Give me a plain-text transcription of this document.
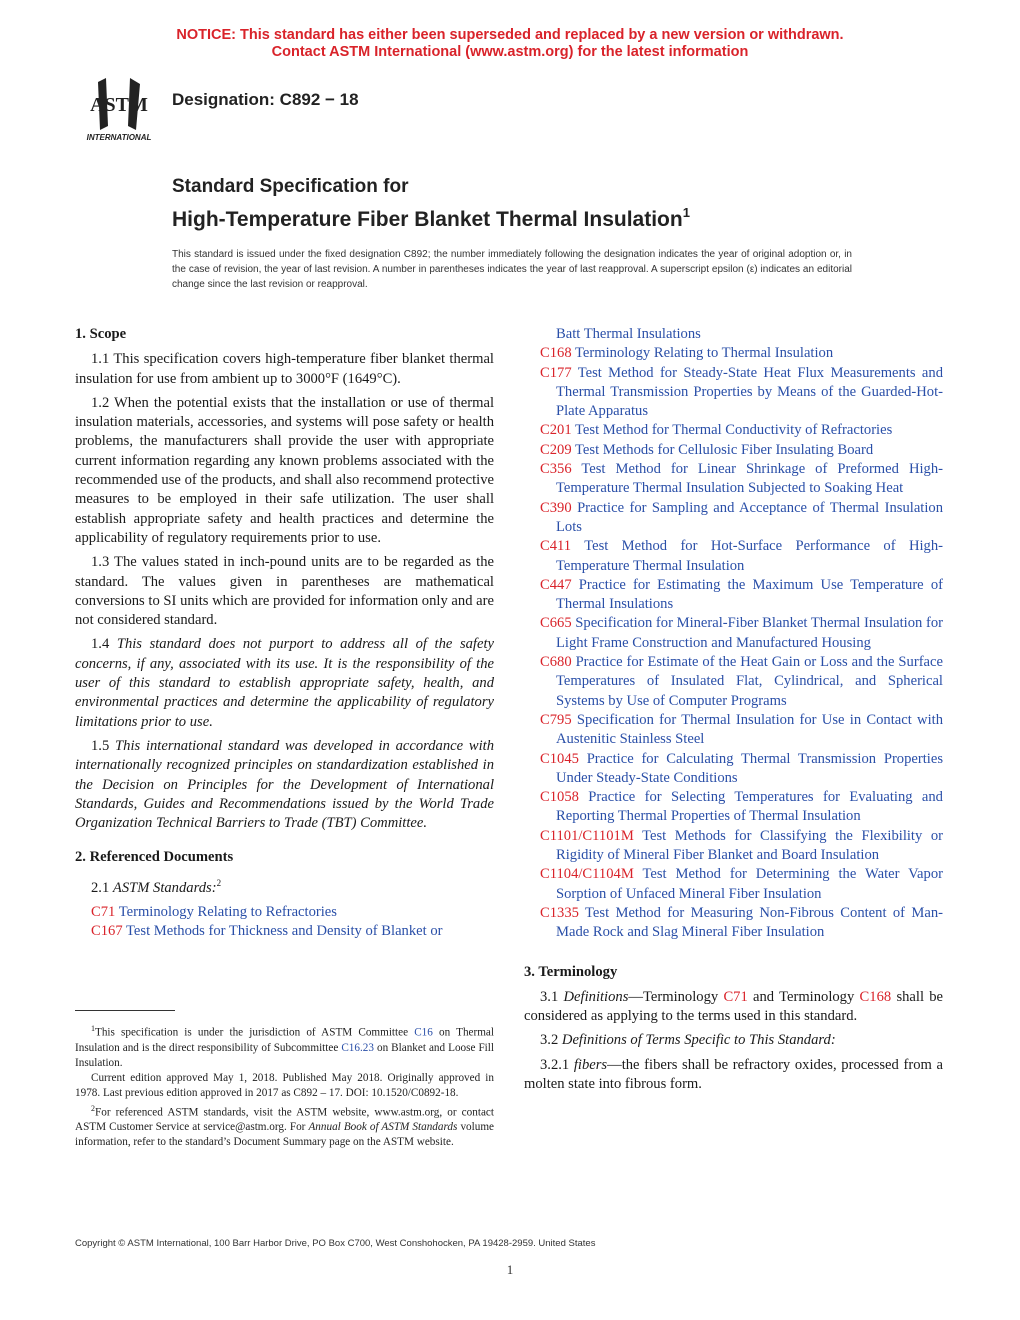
NOTICE: This standard has either been superseded and replaced by a new version or withdrawn.
Contact ASTM International (www.astm.org) for the latest information
ASTM
INTERNATIONAL
Designation: C892 − 18
Standard Specification for
High-Temperature Fiber Blanket Thermal Insulation$^1$
This standard is issued under the fixed designation C892; the number immediately following the designation indicates the year of original adoption or, in the case of revision, the year of last revision. A number in parentheses indicates the year of last reapproval. A superscript epsilon (ε) indicates an editorial change since the last revision or reapproval.
1. Scope
1.1 This specification covers high-temperature fiber blanket thermal insulation for use from ambient up to 3000°F (1649°C).
1.2 When the potential exists that the installation or use of thermal insulation materials, accessories, and systems will pose safety or health problems, the manufacturers shall provide the user with appropriate current information regarding any known problems associated with the recommended use of the products, and shall also recommend protective measures to be employed in their safe utilization. The user shall establish appropriate safety and health practices and determine the applicability of regulatory requirements prior to use.
1.3 The values stated in inch-pound units are to be regarded as the standard. The values given in parentheses are mathematical conversions to SI units which are provided for information only and are not considered standard.
1.4 This standard does not purport to address all of the safety concerns, if any, associated with its use. It is the responsibility of the user of this standard to establish appropriate safety, health, and environmental practices and determine the applicability of regulatory limitations prior to use.
1.5 This international standard was developed in accordance with internationally recognized principles on standardization established in the Decision on Principles for the Development of International Standards, Guides and Recommendations issued by the World Trade Organization Technical Barriers to Trade (TBT) Committee.
2. Referenced Documents
2.1 ASTM Standards:$^2$
C71 Terminology Relating to Refractories
C167 Test Methods for Thickness and Density of Blanket or
$^1$This specification is under the jurisdiction of ASTM Committee C16 on Thermal Insulation and is the direct responsibility of Subcommittee C16.23 on Blanket and Loose Fill Insulation.
Current edition approved May 1, 2018. Published May 2018. Originally approved in 1978. Last previous edition approved in 2017 as C892 – 17. DOI: 10.1520/C0892-18.
$^2$For referenced ASTM standards, visit the ASTM website, www.astm.org, or contact ASTM Customer Service at service@astm.org. For Annual Book of ASTM Standards volume information, refer to the standard’s Document Summary page on the ASTM website.
Batt Thermal Insulations
C168 Terminology Relating to Thermal Insulation
C177 Test Method for Steady-State Heat Flux Measurements and Thermal Transmission Properties by Means of the Guarded-Hot-Plate Apparatus
C201 Test Method for Thermal Conductivity of Refractories
C209 Test Methods for Cellulosic Fiber Insulating Board
C356 Test Method for Linear Shrinkage of Preformed High-Temperature Thermal Insulation Subjected to Soaking Heat
C390 Practice for Sampling and Acceptance of Thermal Insulation Lots
C411 Test Method for Hot-Surface Performance of High-Temperature Thermal Insulation
C447 Practice for Estimating the Maximum Use Temperature of Thermal Insulations
C665 Specification for Mineral-Fiber Blanket Thermal Insulation for Light Frame Construction and Manufactured Housing
C680 Practice for Estimate of the Heat Gain or Loss and the Surface Temperatures of Insulated Flat, Cylindrical, and Spherical Systems by Use of Computer Programs
C795 Specification for Thermal Insulation for Use in Contact with Austenitic Stainless Steel
C1045 Practice for Calculating Thermal Transmission Properties Under Steady-State Conditions
C1058 Practice for Selecting Temperatures for Evaluating and Reporting Thermal Properties of Thermal Insulation
C1101/C1101M Test Methods for Classifying the Flexibility or Rigidity of Mineral Fiber Blanket and Board Insulation
C1104/C1104M Test Method for Determining the Water Vapor Sorption of Unfaced Mineral Fiber Insulation
C1335 Test Method for Measuring Non-Fibrous Content of Man-Made Rock and Slag Mineral Fiber Insulation
3. Terminology
3.1 Definitions—Terminology C71 and Terminology C168 shall be considered as applying to the terms used in this standard.
3.2 Definitions of Terms Specific to This Standard:
3.2.1 fibers—the fibers shall be refractory oxides, processed from a molten state into fibrous form.
Copyright © ASTM International, 100 Barr Harbor Drive, PO Box C700, West Conshohocken, PA 19428-2959. United States
1
